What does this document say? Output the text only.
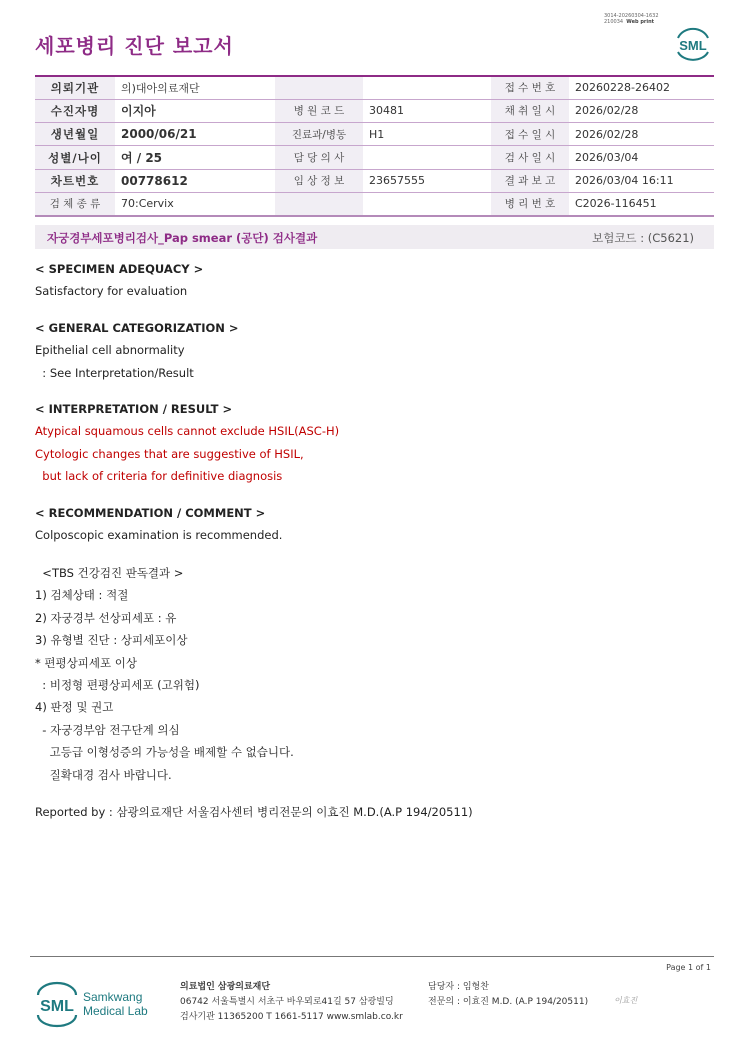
3014-20260304-1632
210034 Web print
세포병리 진단 보고서	SML
의뢰기관	의)대아의료재단			접 수 번 호	20260228-26402
수진자명	이지아	병 원 코 드	30481	채 취 일 시	2026/02/28
생년월일	2000/06/21	진료과/병동	H1	접 수 일 시	2026/02/28
성별/나이	여 / 25	담 당 의 사		검 사 일 시	2026/03/04
차트번호	00778612	임 상 정 보	23657555	결 과 보 고	2026/03/04 16:11
검 체 종 류	70:Cervix			병 리 번 호	C2026-116451
자궁경부세포병리검사_Pap smear (공단) 검사결과	보험코드 : (C5621)
< SPECIMEN ADEQUACY >
Satisfactory for evaluation
< GENERAL CATEGORIZATION >
Epithelial cell abnormality
: See Interpretation/Result
< INTERPRETATION / RESULT >
Atypical squamous cells cannot exclude HSIL(ASC-H)
Cytologic changes that are suggestive of HSIL,
but lack of criteria for definitive diagnosis
< RECOMMENDATION / COMMENT >
Colposcopic examination is recommended.
<TBS 건강검진 판독결과 >
1) 검체상태 : 적절
2) 자궁경부 선상피세포 : 유
3) 유형별 진단 : 상피세포이상
* 편평상피세포 이상
: 비정형 편평상피세포 (고위험)
4) 판정 및 권고
- 자궁경부암 전구단계 의심
고등급 이형성증의 가능성을 배제할 수 없습니다.
질확대경 검사 바랍니다.
Reported by : 삼광의료재단 서울검사센터 병리전문의 이효진 M.D.(A.P 194/20511)
Page 1 of 1
SML
Samkwang
Medical Lab
의료법인 삼광의료재단
06742 서울특별시 서초구 바우뫼로41길 57 삼광빌딩
검사기관 11365200 T 1661-5117 www.smlab.co.kr
담당자 : 임형찬
전문의 : 이효진 M.D. (A.P 194/20511)	이효진
